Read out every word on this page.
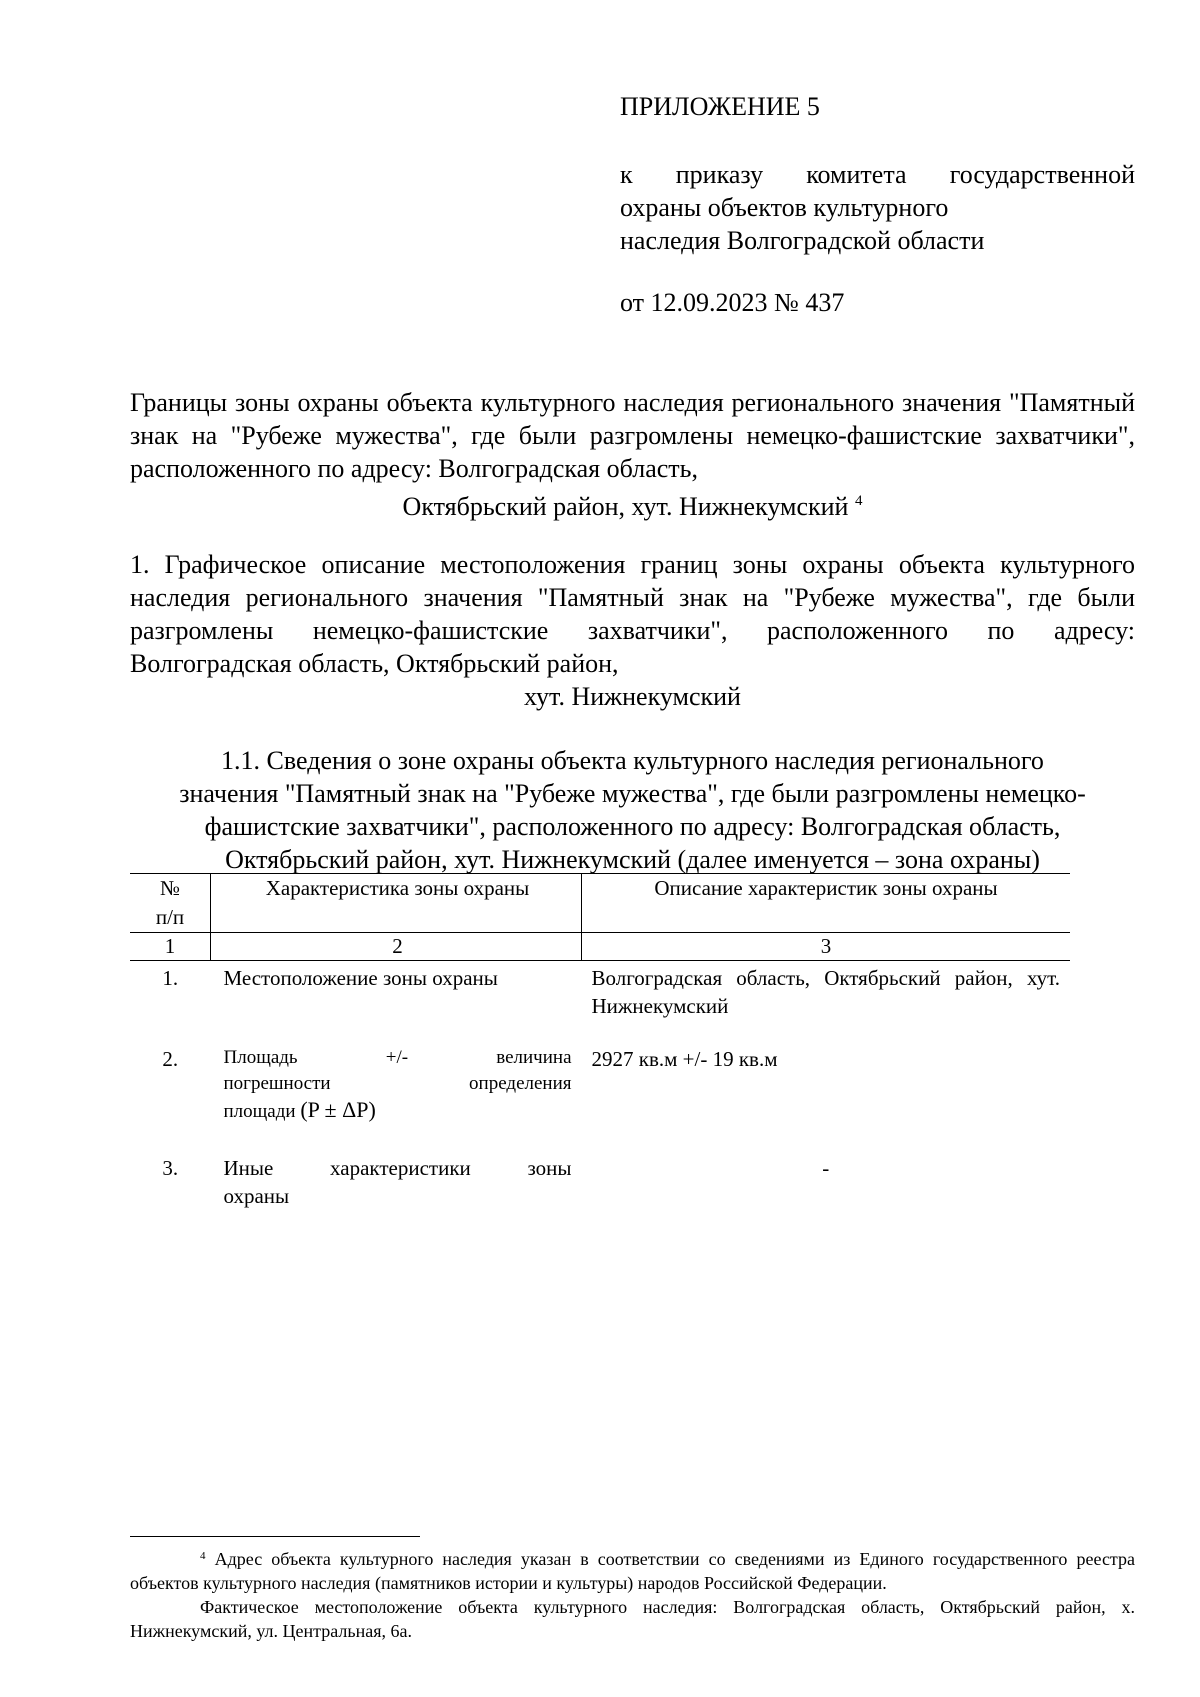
ПРИЛОЖЕНИЕ 5
к приказу комитета государственной
охраны объектов культурного
наследия Волгоградской области
от 12.09.2023 № 437
Границы зоны охраны объекта культурного наследия регионального значения "Памятный знак на "Рубеже мужества", где были разгромлены немецко-фашистские захватчики", расположенного по адресу: Волгоградская область,
Октябрьский район, хут. Нижнекумский $^4$
1. Графическое описание местоположения границ зоны охраны объекта культурного наследия регионального значения "Памятный знак на "Рубеже мужества", где были разгромлены немецко-фашистские захватчики", расположенного по адресу: Волгоградская область, Октябрьский район,
хут. Нижнекумский
1.1. Сведения о зоне охраны объекта культурного наследия регионального
значения "Памятный знак на "Рубеже мужества", где были разгромлены немецко-
фашистские захватчики", расположенного по адресу: Волгоградская область,
Октябрьский район, хут. Нижнекумский (далее именуется – зона охраны)
№
п/п	Характеристика зоны охраны	Описание характеристик зоны охраны
1	2	3
1.	Местоположение зоны охраны	Волгоградская область, Октябрьский район, хут. Нижнекумский
2.	Площадь +/- величина
погрешности определения
площади (P ± ΔP)	2927 кв.м +/- 19 кв.м
3.	Иные характеристики зоны
охраны	-
$^4$ Адрес объекта культурного наследия указан в соответствии со сведениями из Единого государственного реестра объектов культурного наследия (памятников истории и культуры) народов Российской Федерации.
Фактическое местоположение объекта культурного наследия: Волгоградская область, Октябрьский район, х. Нижнекумский, ул. Центральная, 6а.
